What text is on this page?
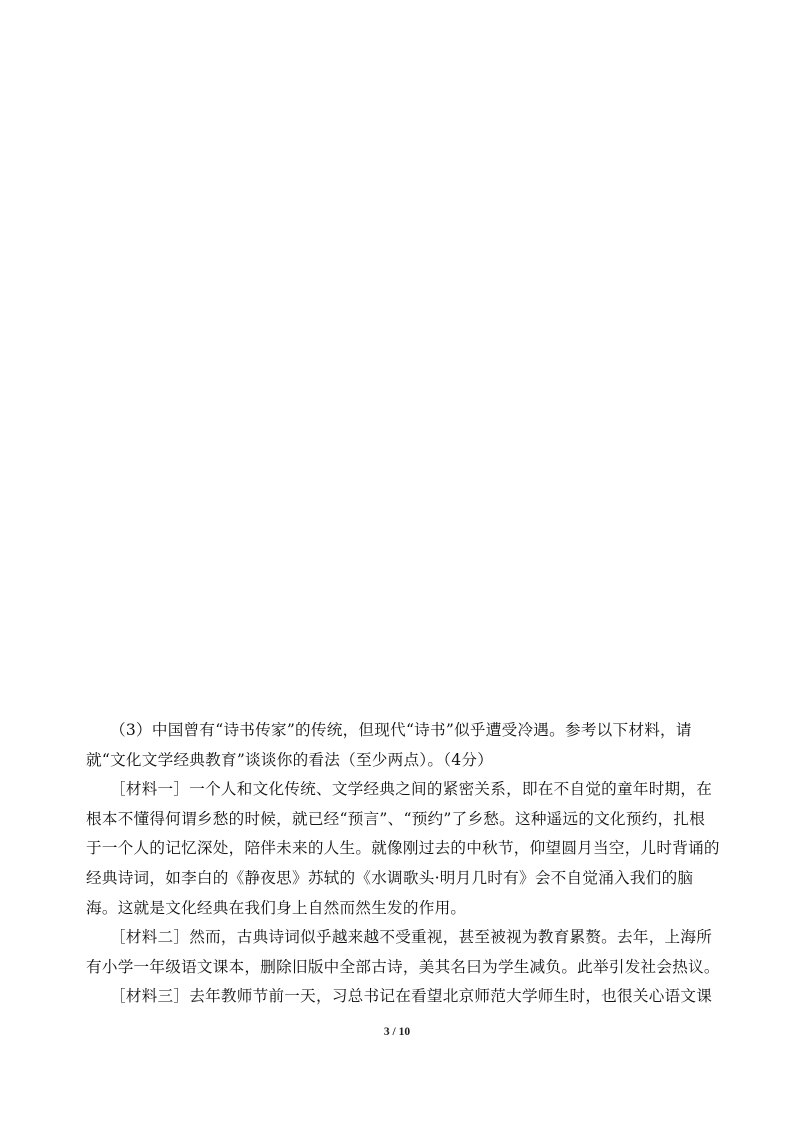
（3）中国曾有“诗书传家”的传统，但现代“诗书”似乎遭受冷遇。参考以下材料，请
就“文化文学经典教育”谈谈你的看法（至少两点）。（4分）
［材料一］一个人和文化传统、文学经典之间的紧密关系，即在不自觉的童年时期，在
根本不懂得何谓乡愁的时候，就已经“预言”、“预约”了乡愁。这种遥远的文化预约，扎根
于一个人的记忆深处，陪伴未来的人生。就像刚过去的中秋节，仰望圆月当空，儿时背诵的
经典诗词，如李白的《静夜思》苏轼的《水调歌头·明月几时有》会不自觉涌入我们的脑
海。这就是文化经典在我们身上自然而然生发的作用。
［材料二］然而，古典诗词似乎越来越不受重视，甚至被视为教育累赘。去年，上海所
有小学一年级语文课本，删除旧版中全部古诗，美其名曰为学生减负。此举引发社会热议。
［材料三］去年教师节前一天，习总书记在看望北京师范大学师生时，也很关心语文课
3 / 10
